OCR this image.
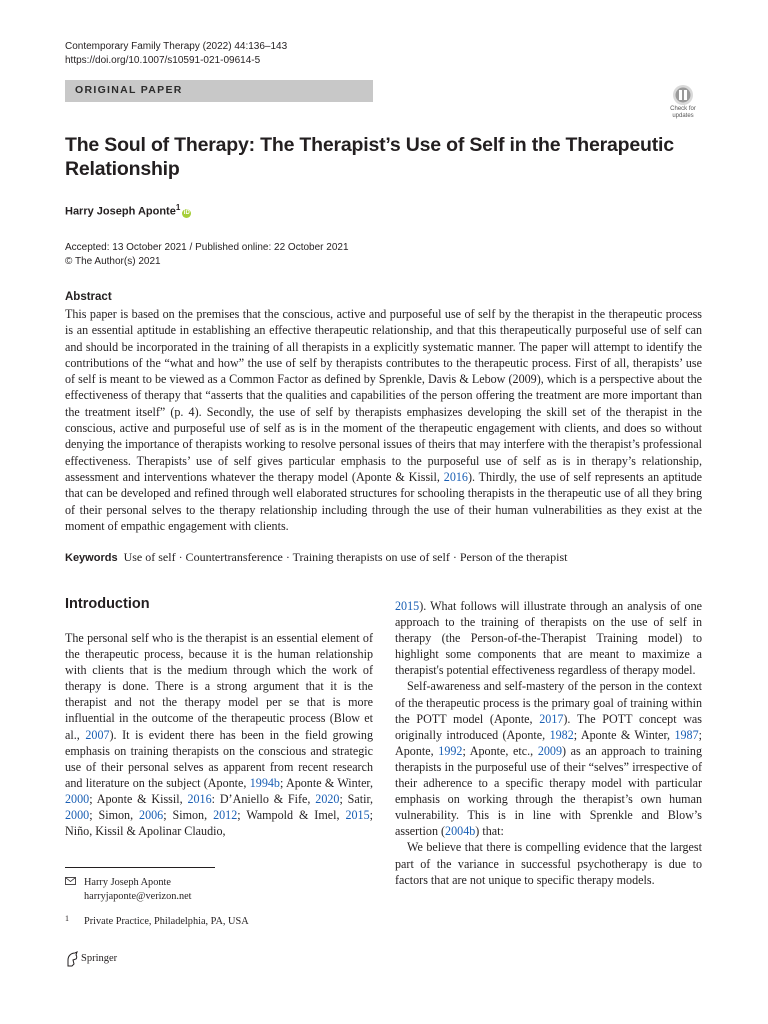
Contemporary Family Therapy (2022) 44:136–143
https://doi.org/10.1007/s10591-021-09614-5
ORIGINAL PAPER
Check for
updates
The Soul of Therapy: The Therapist’s Use of Self in the Therapeutic Relationship
Harry Joseph Aponte$^1$iD
Accepted: 13 October 2021 / Published online: 22 October 2021
© The Author(s) 2021
Abstract
This paper is based on the premises that the conscious, active and purposeful use of self by the therapist in the therapeutic process is an essential aptitude in establishing an effective therapeutic relationship, and that this therapeutically purposeful use of self can and should be incorporated in the training of all therapists in a explicitly systematic manner. The paper will attempt to identify the contributions of the “what and how” the use of self by therapists contributes to the therapeutic process. First of all, therapists’ use of self is meant to be viewed as a Common Factor as defined by Sprenkle, Davis & Lebow (2009), which is a perspective about the effectiveness of therapy that “asserts that the qualities and capabilities of the person offering the treatment are more important than the treatment itself” (p. 4). Secondly, the use of self by therapists emphasizes developing the skill set of the therapist in the conscious, active and purposeful use of self as is in the moment of the therapeutic engagement with clients, and does so without denying the importance of therapists working to resolve personal issues of theirs that may interfere with the therapist’s professional effectiveness. Therapists’ use of self gives particular emphasis to the purposeful use of self as is in therapy’s relationship, assessment and interventions whatever the therapy model (Aponte & Kissil, 2016). Thirdly, the use of self represents an aptitude that can be developed and refined through well elaborated structures for schooling therapists in the therapeutic use of all they bring of their personal selves to the therapy relationship including through the use of their human vulnerabilities as they exist at the moment of empathic engagement with clients.
Keywords Use of self · Countertransference · Training therapists on use of self · Person of the therapist
Introduction

The personal self who is the therapist is an essential element of the therapeutic process, because it is the human relationship with clients that is the medium through which the work of therapy is done. There is a strong argument that it is the therapist and not the therapy model per se that is more influential in the outcome of the therapeutic process (Blow et al., 2007). It is evident there has been in the field growing emphasis on training therapists on the conscious and strategic use of their personal selves as apparent from recent research and literature on the subject (Aponte, 1994b; Aponte & Winter, 2000; Aponte & Kissil, 2016: D’Aniello & Fife, 2020; Satir, 2000; Simon, 2006; Simon, 2012; Wampold & Imel, 2015; Niño, Kissil & Apolinar Claudio,

2015). What follows will illustrate through an analysis of one approach to the training of therapists on the use of self in therapy (the Person-of-the-Therapist Training model) to highlight some components that are meant to maximize a therapist's potential effectiveness regardless of therapy model.

Self-awareness and self-mastery of the person in the context of the therapeutic process is the primary goal of training within the POTT model (Aponte, 2017). The POTT concept was originally introduced (Aponte, 1982; Aponte & Winter, 1987; Aponte, 1992; Aponte, etc., 2009) as an approach to training therapists in the purposeful use of their “selves” irrespective of their adherence to a specific therapy model with particular emphasis on working through the therapist’s own human vulnerability. This is in line with Sprenkle and Blow’s assertion (2004b) that:

We believe that there is compelling evidence that the largest part of the variance in successful psychotherapy is due to factors that are not unique to specific therapy models.

Harry Joseph Aponte
harryjaponte@verizon.net
1 Private Practice, Philadelphia, PA, USA
Springer
